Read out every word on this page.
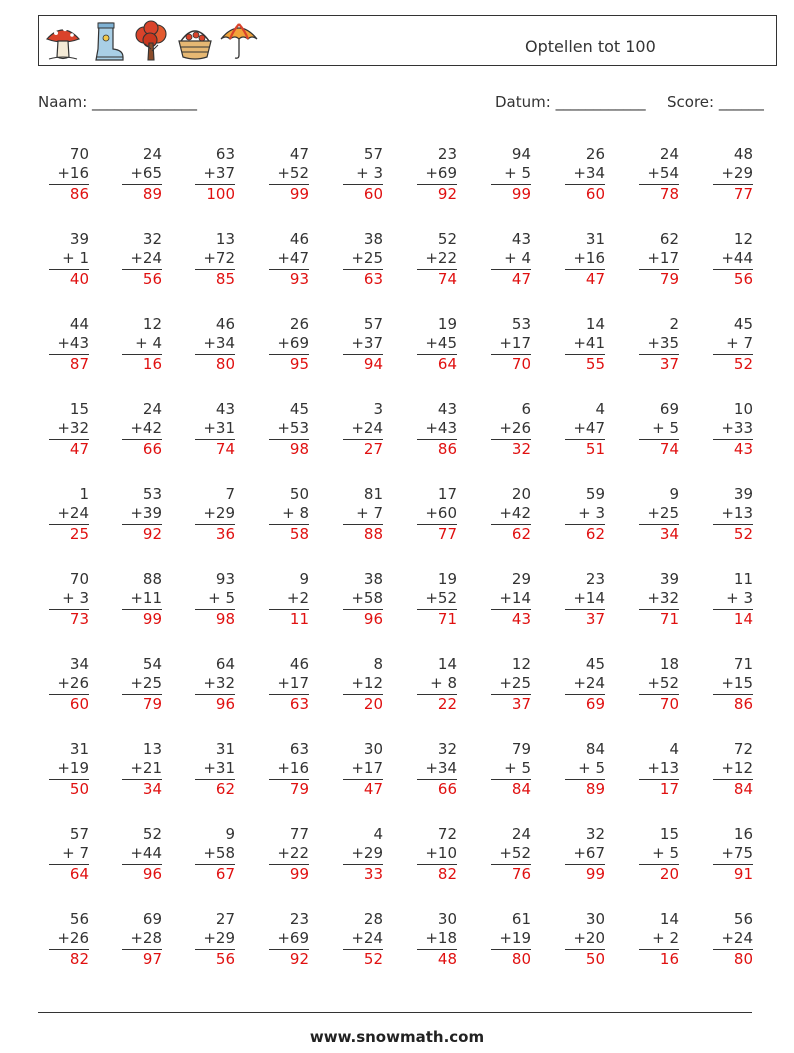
Optellen tot 100
Naam: ______________	Datum: ____________ Score: ______
70
+16
86
24
+65
89
63
+37
100
47
+52
99
57
+ 3
60
23
+69
92
94
+ 5
99
26
+34
60
24
+54
78
48
+29
77
39
+ 1
40
32
+24
56
13
+72
85
46
+47
93
38
+25
63
52
+22
74
43
+ 4
47
31
+16
47
62
+17
79
12
+44
56
44
+43
87
12
+ 4
16
46
+34
80
26
+69
95
57
+37
94
19
+45
64
53
+17
70
14
+41
55
2
+35
37
45
+ 7
52
15
+32
47
24
+42
66
43
+31
74
45
+53
98
3
+24
27
43
+43
86
6
+26
32
4
+47
51
69
+ 5
74
10
+33
43
1
+24
25
53
+39
92
7
+29
36
50
+ 8
58
81
+ 7
88
17
+60
77
20
+42
62
59
+ 3
62
9
+25
34
39
+13
52
70
+ 3
73
88
+11
99
93
+ 5
98
9
+2
11
38
+58
96
19
+52
71
29
+14
43
23
+14
37
39
+32
71
11
+ 3
14
34
+26
60
54
+25
79
64
+32
96
46
+17
63
8
+12
20
14
+ 8
22
12
+25
37
45
+24
69
18
+52
70
71
+15
86
31
+19
50
13
+21
34
31
+31
62
63
+16
79
30
+17
47
32
+34
66
79
+ 5
84
84
+ 5
89
4
+13
17
72
+12
84
57
+ 7
64
52
+44
96
9
+58
67
77
+22
99
4
+29
33
72
+10
82
24
+52
76
32
+67
99
15
+ 5
20
16
+75
91
56
+26
82
69
+28
97
27
+29
56
23
+69
92
28
+24
52
30
+18
48
61
+19
80
30
+20
50
14
+ 2
16
56
+24
80
www.snowmath.com
